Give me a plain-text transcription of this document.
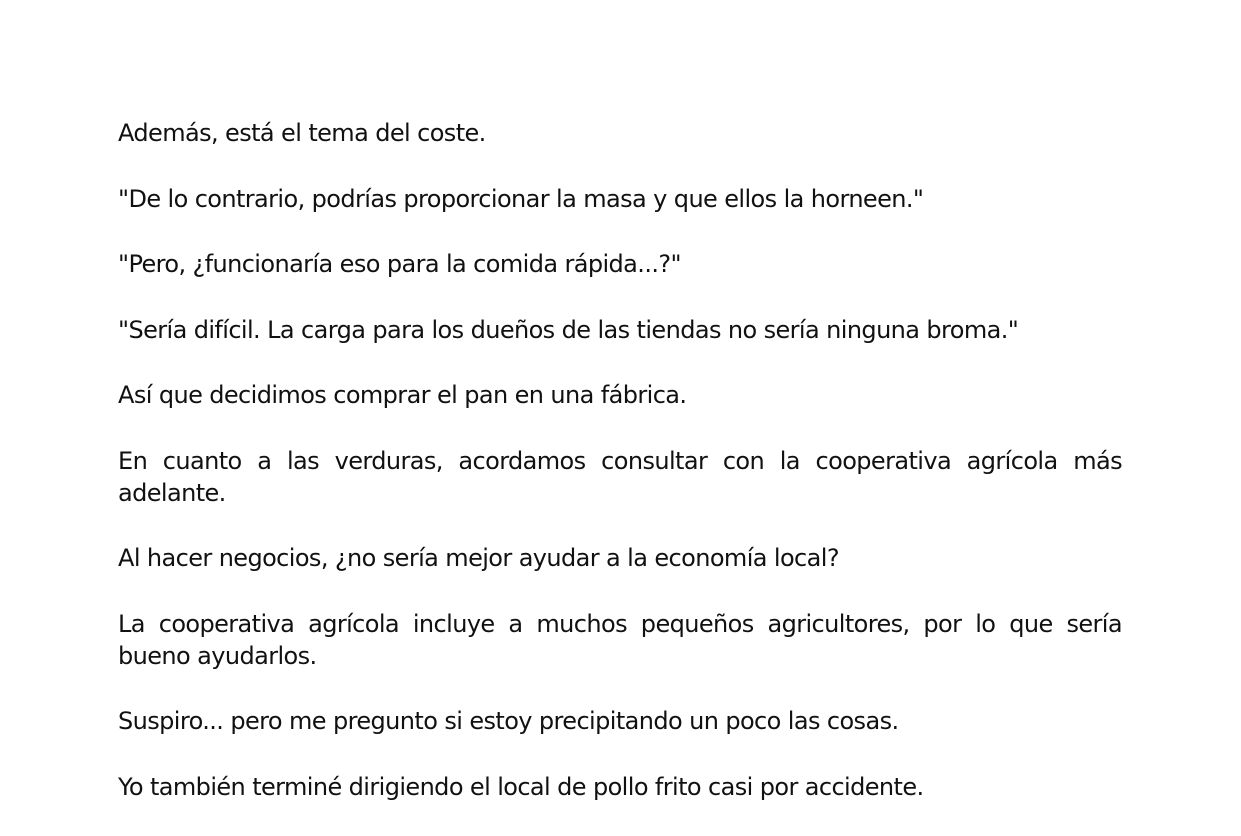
Además, está el tema del coste.

"De lo contrario, podrías proporcionar la masa y que ellos la horneen."

"Pero, ¿funcionaría eso para la comida rápida...?"

"Sería difícil. La carga para los dueños de las tiendas no sería ninguna broma."

Así que decidimos comprar el pan en una fábrica.

En cuanto a las verduras, acordamos consultar con la cooperativa agrícola más adelante.

Al hacer negocios, ¿no sería mejor ayudar a la economía local?

La cooperativa agrícola incluye a muchos pequeños agricultores, por lo que sería bueno ayudarlos.

Suspiro... pero me pregunto si estoy precipitando un poco las cosas.

Yo también terminé dirigiendo el local de pollo frito casi por accidente.
